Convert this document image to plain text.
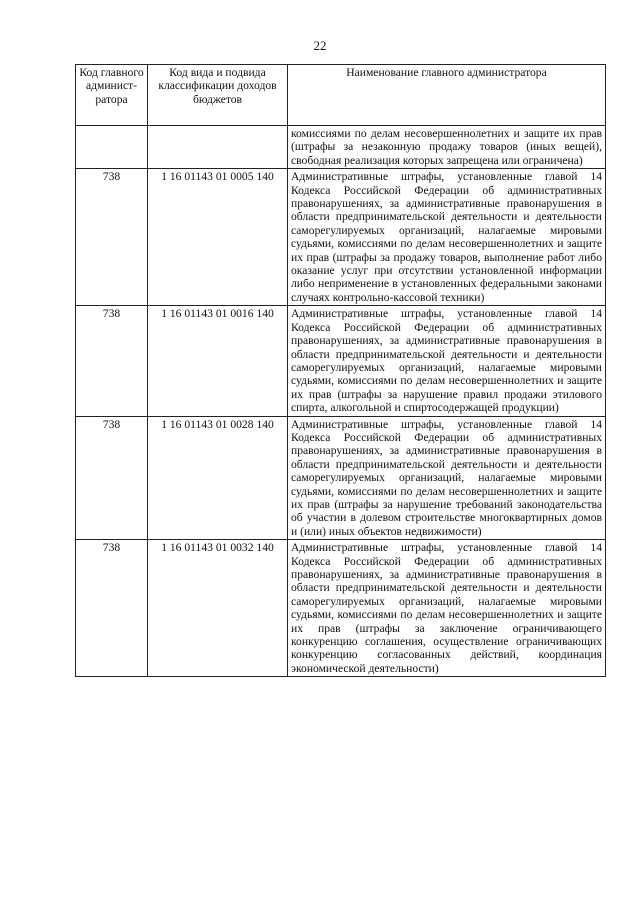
22
Код главного админист-ратора	Код вида и подвида классификации доходов бюджетов	Наименование главного администратора
		комиссиями по делам несовершеннолетних и защите их прав (штрафы за незаконную продажу товаров (иных вещей), свободная реализация которых запрещена или ограничена)
738	1 16 01143 01 0005 140	Административные штрафы, установленные главой 14 Кодекса Российской Федерации об административных правонарушениях, за административные правонарушения в области предпринимательской деятельности и деятельности саморегулируемых организаций, налагаемые мировыми судьями, комиссиями по делам несовершеннолетних и защите их прав (штрафы за продажу товаров, выполнение работ либо оказание услуг при отсутствии установленной информации либо неприменение в установленных федеральными законами случаях контрольно-кассовой техники)
738	1 16 01143 01 0016 140	Административные штрафы, установленные главой 14 Кодекса Российской Федерации об административных правонарушениях, за административные правонарушения в области предпринимательской деятельности и деятельности саморегулируемых организаций, налагаемые мировыми судьями, комиссиями по делам несовершеннолетних и защите их прав (штрафы за нарушение правил продажи этилового спирта, алкогольной и спиртосодержащей продукции)
738	1 16 01143 01 0028 140	Административные штрафы, установленные главой 14 Кодекса Российской Федерации об административных правонарушениях, за административные правонарушения в области предпринимательской деятельности и деятельности саморегулируемых организаций, налагаемые мировыми судьями, комиссиями по делам несовершеннолетних и защите их прав (штрафы за нарушение требований законодательства об участии в долевом строительстве многоквартирных домов и (или) иных объектов недвижимости)
738	1 16 01143 01 0032 140	Административные штрафы, установленные главой 14 Кодекса Российской Федерации об административных правонарушениях, за административные правонарушения в области предпринимательской деятельности и деятельности саморегулируемых организаций, налагаемые мировыми судьями, комиссиями по делам несовершеннолетних и защите их прав (штрафы за заключение ограничивающего конкуренцию соглашения, осуществление ограничивающих конкуренцию согласованных действий, координация экономической деятельности)
